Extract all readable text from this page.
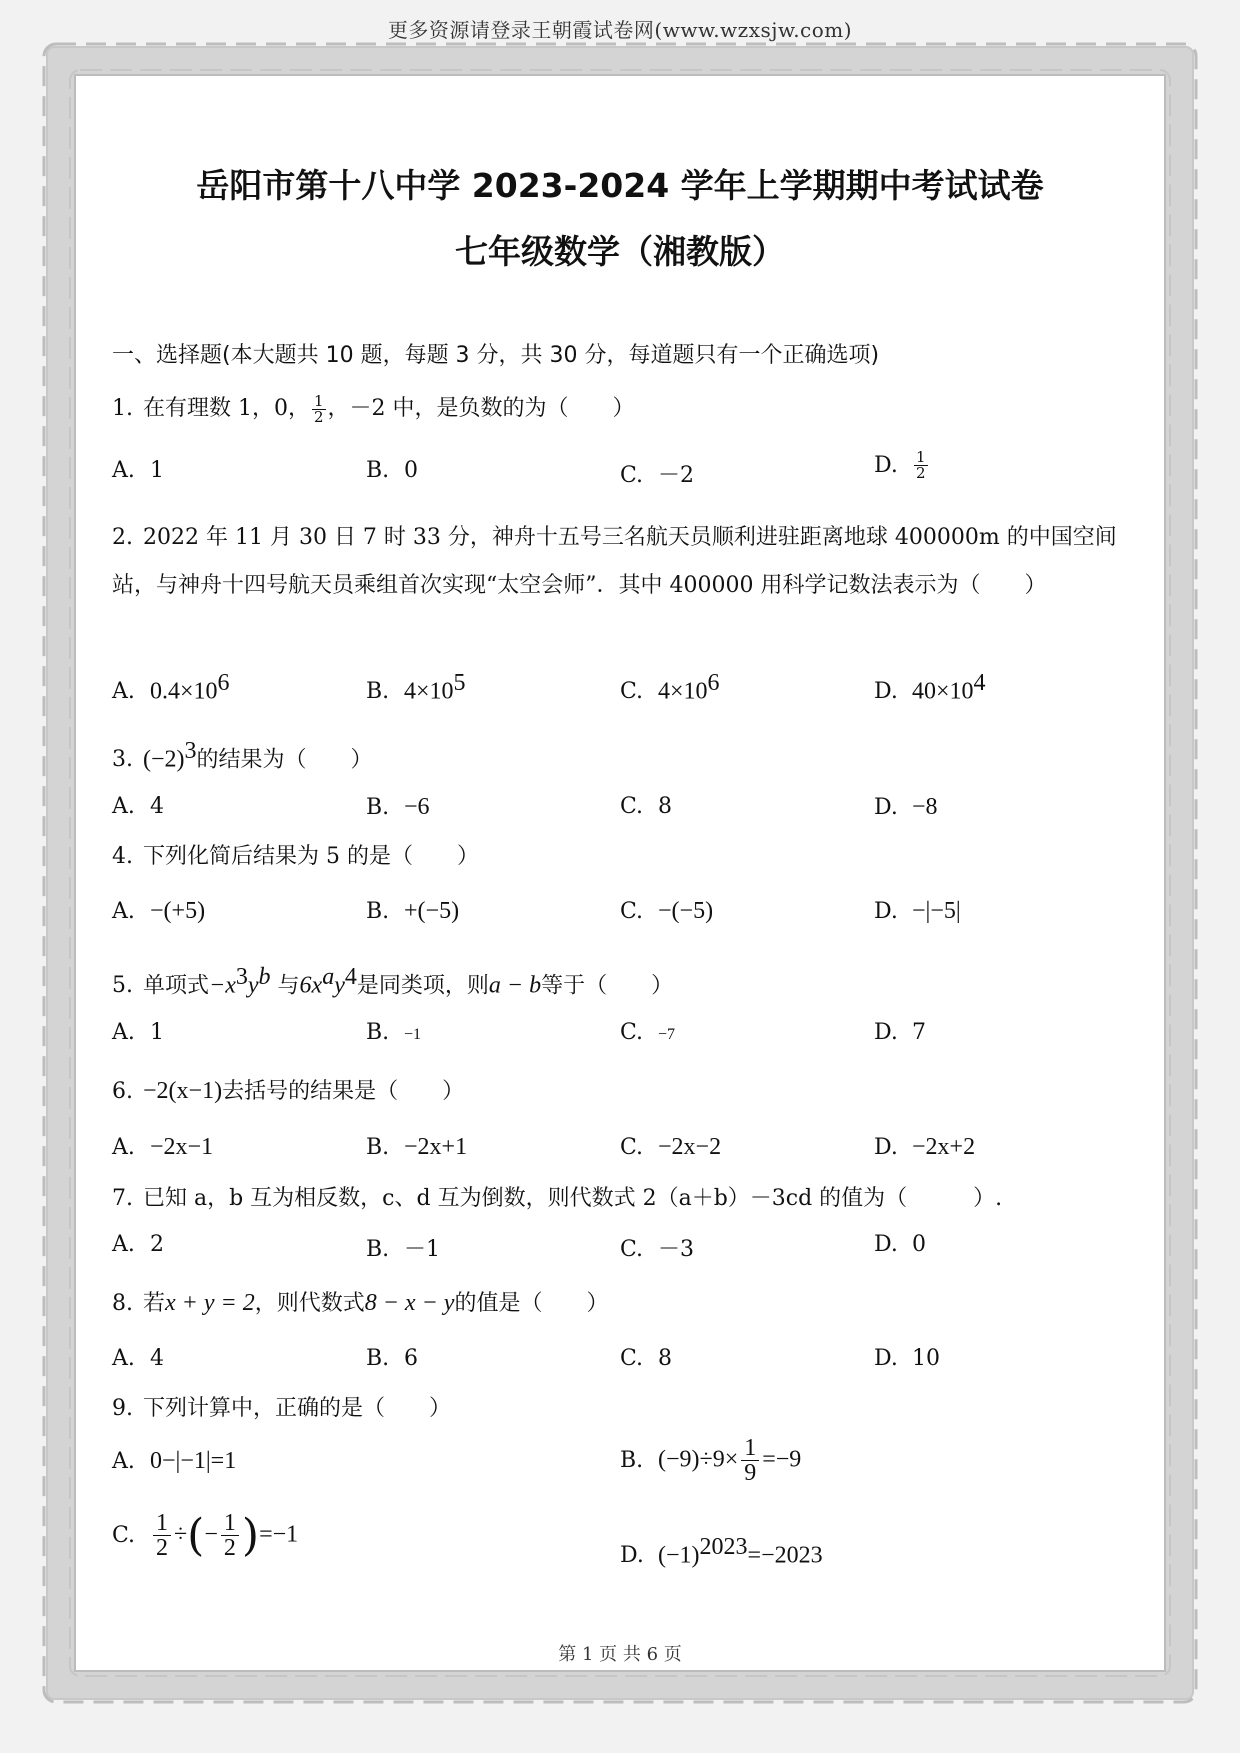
更多资源请登录王朝霞试卷网(www.wzxsjw.com)
岳阳市第十八中学 2023-2024 学年上学期期中考试试卷
七年级数学（湘教版）
一、选择题(本大题共 10 题，每题 3 分，共 30 分，每道题只有一个正确选项)
1. 在有理数 1，0， $\frac{1}{2}$ ，－2 中，是负数的为（　　）
A. 1	B. 0	C. －2	D. $\frac{1}{2}$
2. 2022 年 11 月 30 日 7 时 33 分，神舟十五号三名航天员顺利进驻距离地球 400000m 的中国空间站，与神舟十四号航天员乘组首次实现“太空会师”．其中 400000 用科学记数法表示为（　　）
A. $0.4\times 10^6$	B. $4\times 10^5$	C. $4\times 10^6$	D. $40\times 10^4$
3. $(-2)^3$的结果为（　　）
A. 4	B. −6	C. 8	D. −8
4. 下列化简后结果为 5 的是（　　）
A. −(+5)	B. +(−5)	C. −(−5)	D. −|−5|
5. 单项式$-x^3y^b$ 与$6x^ay^4$是同类项，则a − b等于（　　）
A. 1	B. −1	C. −7	D. 7
6. −2(x−1)去括号的结果是（　　）
A. −2x−1	B. −2x+1	C. −2x−2	D. −2x+2
7. 已知 a，b 互为相反数，c、d 互为倒数，则代数式 2（a＋b）－3cd 的值为（　　　）.
A. 2	B. －1	C. －3	D. 0
8. 若x + y = 2，则代数式8 − x − y的值是（　　）
A. 4	B. 6	C. 8	D. 10
9. 下列计算中，正确的是（　　）
A. 0−|−1|=1	B. $(-9)\div 9\times \frac{1}{9} =-9$
C. $\frac{1}{2}$ ÷(− $\frac{1}{2} )=-1$
D. $(-1)^{2023}=-2023$
第 1 页 共 6 页
